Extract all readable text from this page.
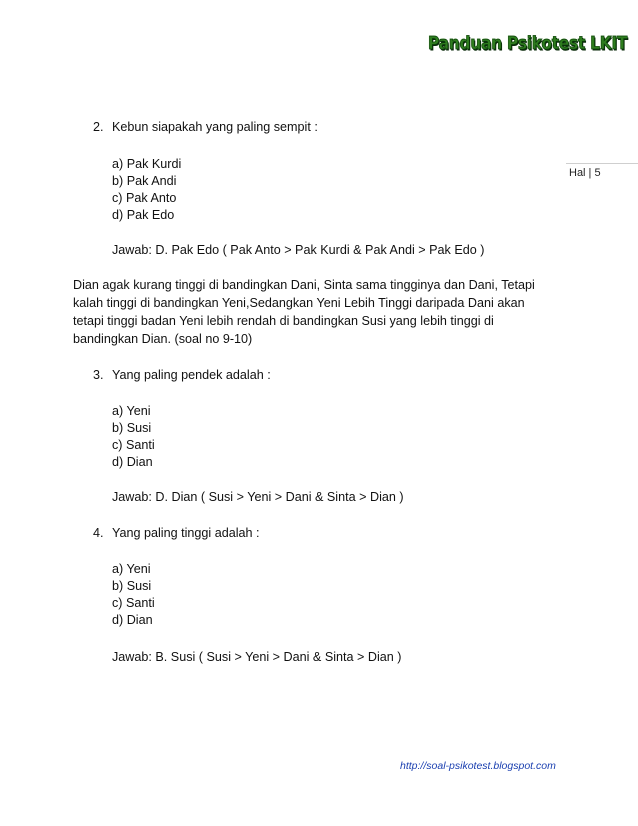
Panduan Psikotest LKIT
Hal | 5
2. Kebun siapakah yang paling sempit :
a) Pak Kurdi
b) Pak Andi
c) Pak Anto
d) Pak Edo
Jawab: D. Pak Edo ( Pak Anto > Pak Kurdi & Pak Andi > Pak Edo )
Dian agak kurang tinggi di bandingkan Dani, Sinta sama tingginya dan Dani, Tetapi
kalah tinggi di bandingkan Yeni,Sedangkan Yeni Lebih Tinggi daripada Dani akan
tetapi tinggi badan Yeni lebih rendah di bandingkan Susi yang lebih tinggi di
bandingkan Dian. (soal no 9-10)
3. Yang paling pendek adalah :
a) Yeni
b) Susi
c) Santi
d) Dian
Jawab: D. Dian ( Susi > Yeni > Dani & Sinta > Dian )
4. Yang paling tinggi adalah :
a) Yeni
b) Susi
c) Santi
d) Dian
Jawab: B. Susi ( Susi > Yeni > Dani & Sinta > Dian )
http://soal-psikotest.blogspot.com
